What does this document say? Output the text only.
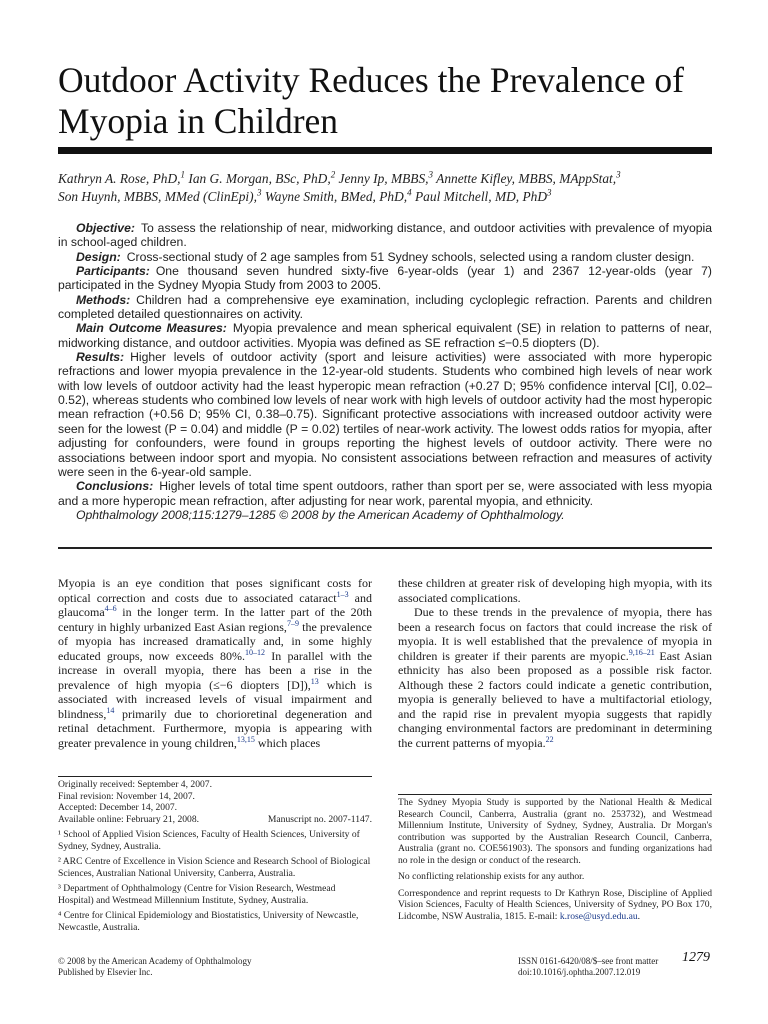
Outdoor Activity Reduces the Prevalence of Myopia in Children
Kathryn A. Rose, PhD,$^1$ Ian G. Morgan, BSc, PhD,$^2$ Jenny Ip, MBBS,$^3$ Annette Kifley, MBBS, MAppStat,$^3$
Son Huynh, MBBS, MMed (ClinEpi),$^3$ Wayne Smith, BMed, PhD,$^4$ Paul Mitchell, MD, PhD$^3$

Objective: To assess the relationship of near, midworking distance, and outdoor activities with prevalence of myopia in school-aged children.

Design: Cross-sectional study of 2 age samples from 51 Sydney schools, selected using a random cluster design.

Participants: One thousand seven hundred sixty-five 6-year-olds (year 1) and 2367 12-year-olds (year 7) participated in the Sydney Myopia Study from 2003 to 2005.

Methods: Children had a comprehensive eye examination, including cycloplegic refraction. Parents and children completed detailed questionnaires on activity.

Main Outcome Measures: Myopia prevalence and mean spherical equivalent (SE) in relation to patterns of near, midworking distance, and outdoor activities. Myopia was defined as SE refraction ≤−0.5 diopters (D).

Results: Higher levels of outdoor activity (sport and leisure activities) were associated with more hyperopic refractions and lower myopia prevalence in the 12-year-old students. Students who combined high levels of near work with low levels of outdoor activity had the least hyperopic mean refraction (+0.27 D; 95% confidence interval [CI], 0.02–0.52), whereas students who combined low levels of near work with high levels of outdoor activity had the most hyperopic mean refraction (+0.56 D; 95% CI, 0.38–0.75). Significant protective associations with increased outdoor activity were seen for the lowest (P = 0.04) and middle (P = 0.02) tertiles of near-work activity. The lowest odds ratios for myopia, after adjusting for confounders, were found in groups reporting the highest levels of outdoor activity. There were no associations between indoor sport and myopia. No consistent associations between refraction and measures of activity were seen in the 6-year-old sample.

Conclusions: Higher levels of total time spent outdoors, rather than sport per se, were associated with less myopia and a more hyperopic mean refraction, after adjusting for near work, parental myopia, and ethnicity.

Ophthalmology 2008;115:1279–1285 © 2008 by the American Academy of Ophthalmology.

Myopia is an eye condition that poses significant costs for optical correction and costs due to associated cataract$^{1-3}$ and glaucoma$^{4-6}$ in the longer term. In the latter part of the 20th century in highly urbanized East Asian regions,$^{7-9}$ the prevalence of myopia has increased dramatically and, in some highly educated groups, now exceeds 80%.$^{10-12}$ In parallel with the increase in overall myopia, there has been a rise in the prevalence of high myopia (≤−6 diopters [D]),$^{13}$ which is associated with increased levels of visual impairment and blindness,$^{14}$ primarily due to chorioretinal degeneration and retinal detachment. Furthermore, myopia is appearing with greater prevalence in young children,$^{13,15}$ which places

these children at greater risk of developing high myopia, with its associated complications.

Due to these trends in the prevalence of myopia, there has been a research focus on factors that could increase the risk of myopia. It is well established that the prevalence of myopia in children is greater if their parents are myopic.$^{9,16-21}$ East Asian ethnicity has also been proposed as a possible risk factor. Although these 2 factors could indicate a genetic contribution, myopia is generally believed to have a multifactorial etiology, and the rapid rise in prevalent myopia suggests that rapidly changing environmental factors are predominant in determining the current patterns of myopia.$^{22}$

Originally received: September 4, 2007.

Final revision: November 14, 2007.

Accepted: December 14, 2007.

Available online: February 21, 2008.	Manuscript no. 2007-1147.

¹ School of Applied Vision Sciences, Faculty of Health Sciences, University of Sydney, Sydney, Australia.

² ARC Centre of Excellence in Vision Science and Research School of Biological Sciences, Australian National University, Canberra, Australia.

³ Department of Ophthalmology (Centre for Vision Research, Westmead Hospital) and Westmead Millennium Institute, Sydney, Australia.

⁴ Centre for Clinical Epidemiology and Biostatistics, University of Newcastle, Newcastle, Australia.

The Sydney Myopia Study is supported by the National Health & Medical Research Council, Canberra, Australia (grant no. 253732), and Westmead Millennium Institute, University of Sydney, Sydney, Australia. Dr Morgan's contribution was supported by the Australian Research Council, Canberra, Australia (grant no. COE561903). The sponsors and funding organizations had no role in the design or conduct of the research.

No conflicting relationship exists for any author.

Correspondence and reprint requests to Dr Kathryn Rose, Discipline of Applied Vision Sciences, Faculty of Health Sciences, University of Sydney, PO Box 170, Lidcombe, NSW Australia, 1815. E-mail: k.rose@usyd.edu.au.

© 2008 by the American Academy of Ophthalmology
Published by Elsevier Inc.
ISSN 0161-6420/08/$–see front matter
doi:10.1016/j.ophtha.2007.12.019
1279
